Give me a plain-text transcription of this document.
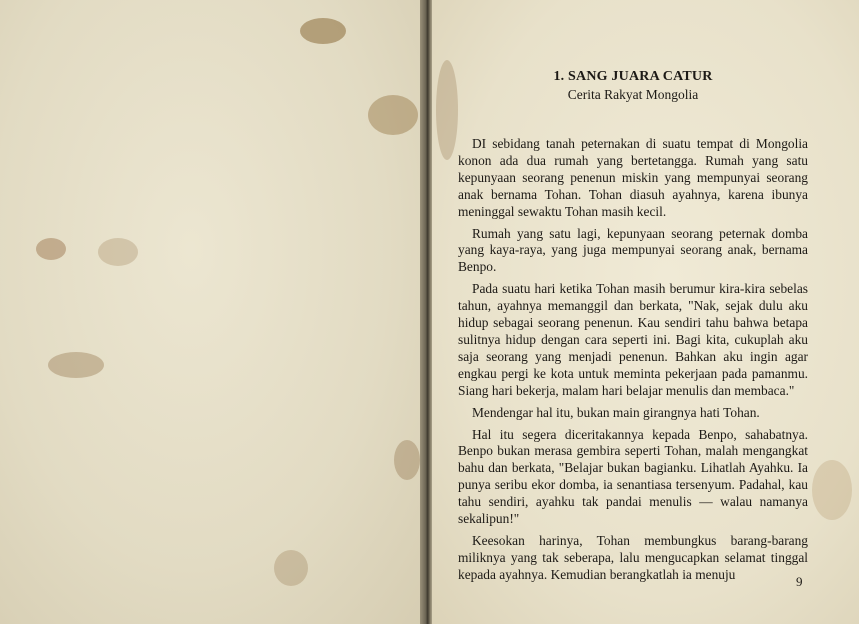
1. SANG JUARA CATUR

Cerita Rakyat Mongolia

DI sebidang tanah peternakan di suatu tempat di Mongolia konon ada dua rumah yang bertetangga. Rumah yang satu kepunyaan seorang penenun miskin yang mempunyai seorang anak bernama Tohan. Tohan diasuh ayahnya, karena ibunya meninggal sewaktu Tohan masih kecil.

Rumah yang satu lagi, kepunyaan seorang peternak domba yang kaya-raya, yang juga mempunyai seorang anak, bernama Benpo.

Pada suatu hari ketika Tohan masih berumur kira-kira sebelas tahun, ayahnya memanggil dan berkata, "Nak, sejak dulu aku hidup sebagai seorang penenun. Kau sendiri tahu bahwa betapa sulitnya hidup dengan cara seperti ini. Bagi kita, cukuplah aku saja seorang yang menjadi penenun. Bahkan aku ingin agar engkau pergi ke kota untuk meminta pekerjaan pada pamanmu. Siang hari bekerja, malam hari belajar menulis dan membaca."

Mendengar hal itu, bukan main girangnya hati Tohan.

Hal itu segera diceritakannya kepada Benpo, sahabatnya. Benpo bukan merasa gembira seperti Tohan, malah mengangkat bahu dan berkata, "Belajar bukan bagianku. Lihatlah Ayahku. Ia punya seribu ekor domba, ia senantiasa tersenyum. Padahal, kau tahu sendiri, ayahku tak pandai menulis — walau namanya sekalipun!"

Keesokan harinya, Tohan membungkus barang-barang miliknya yang tak seberapa, lalu mengucapkan selamat tinggal kepada ayahnya. Kemudian berangkatlah ia menuju	9
